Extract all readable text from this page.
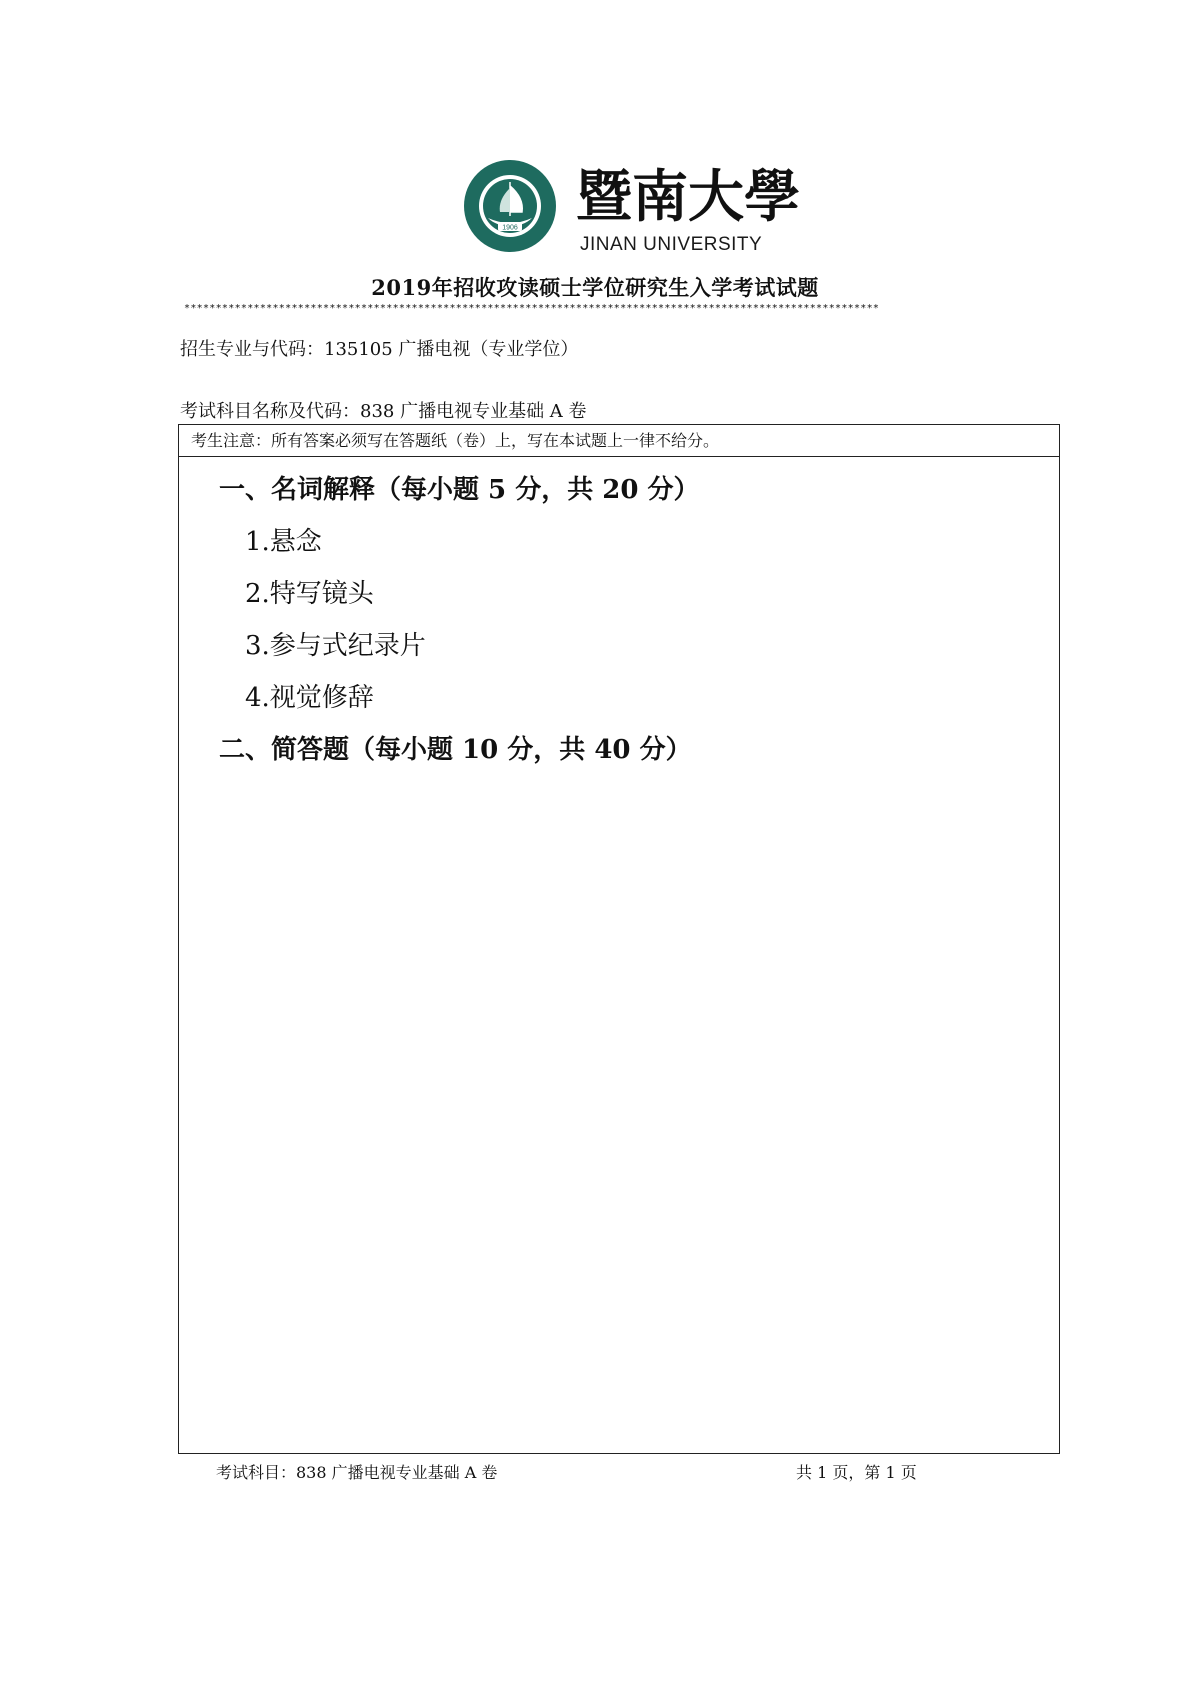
1906 暨南大學
JINAN UNIVERSITY
2019年招收攻读硕士学位研究生入学考试试题
**************************************************************************************************************
招生专业与代码：135105 广播电视（专业学位）
考试科目名称及代码：838 广播电视专业基础 A 卷
考生注意：所有答案必须写在答题纸（卷）上，写在本试题上一律不给分。
一、名词解释（每小题 5 分，共 20 分）
1.悬念
2.特写镜头
3.参与式纪录片
4.视觉修辞
二、简答题（每小题 10 分，共 40 分）
考试科目：838 广播电视专业基础 A 卷	共 1 页，第 1 页
